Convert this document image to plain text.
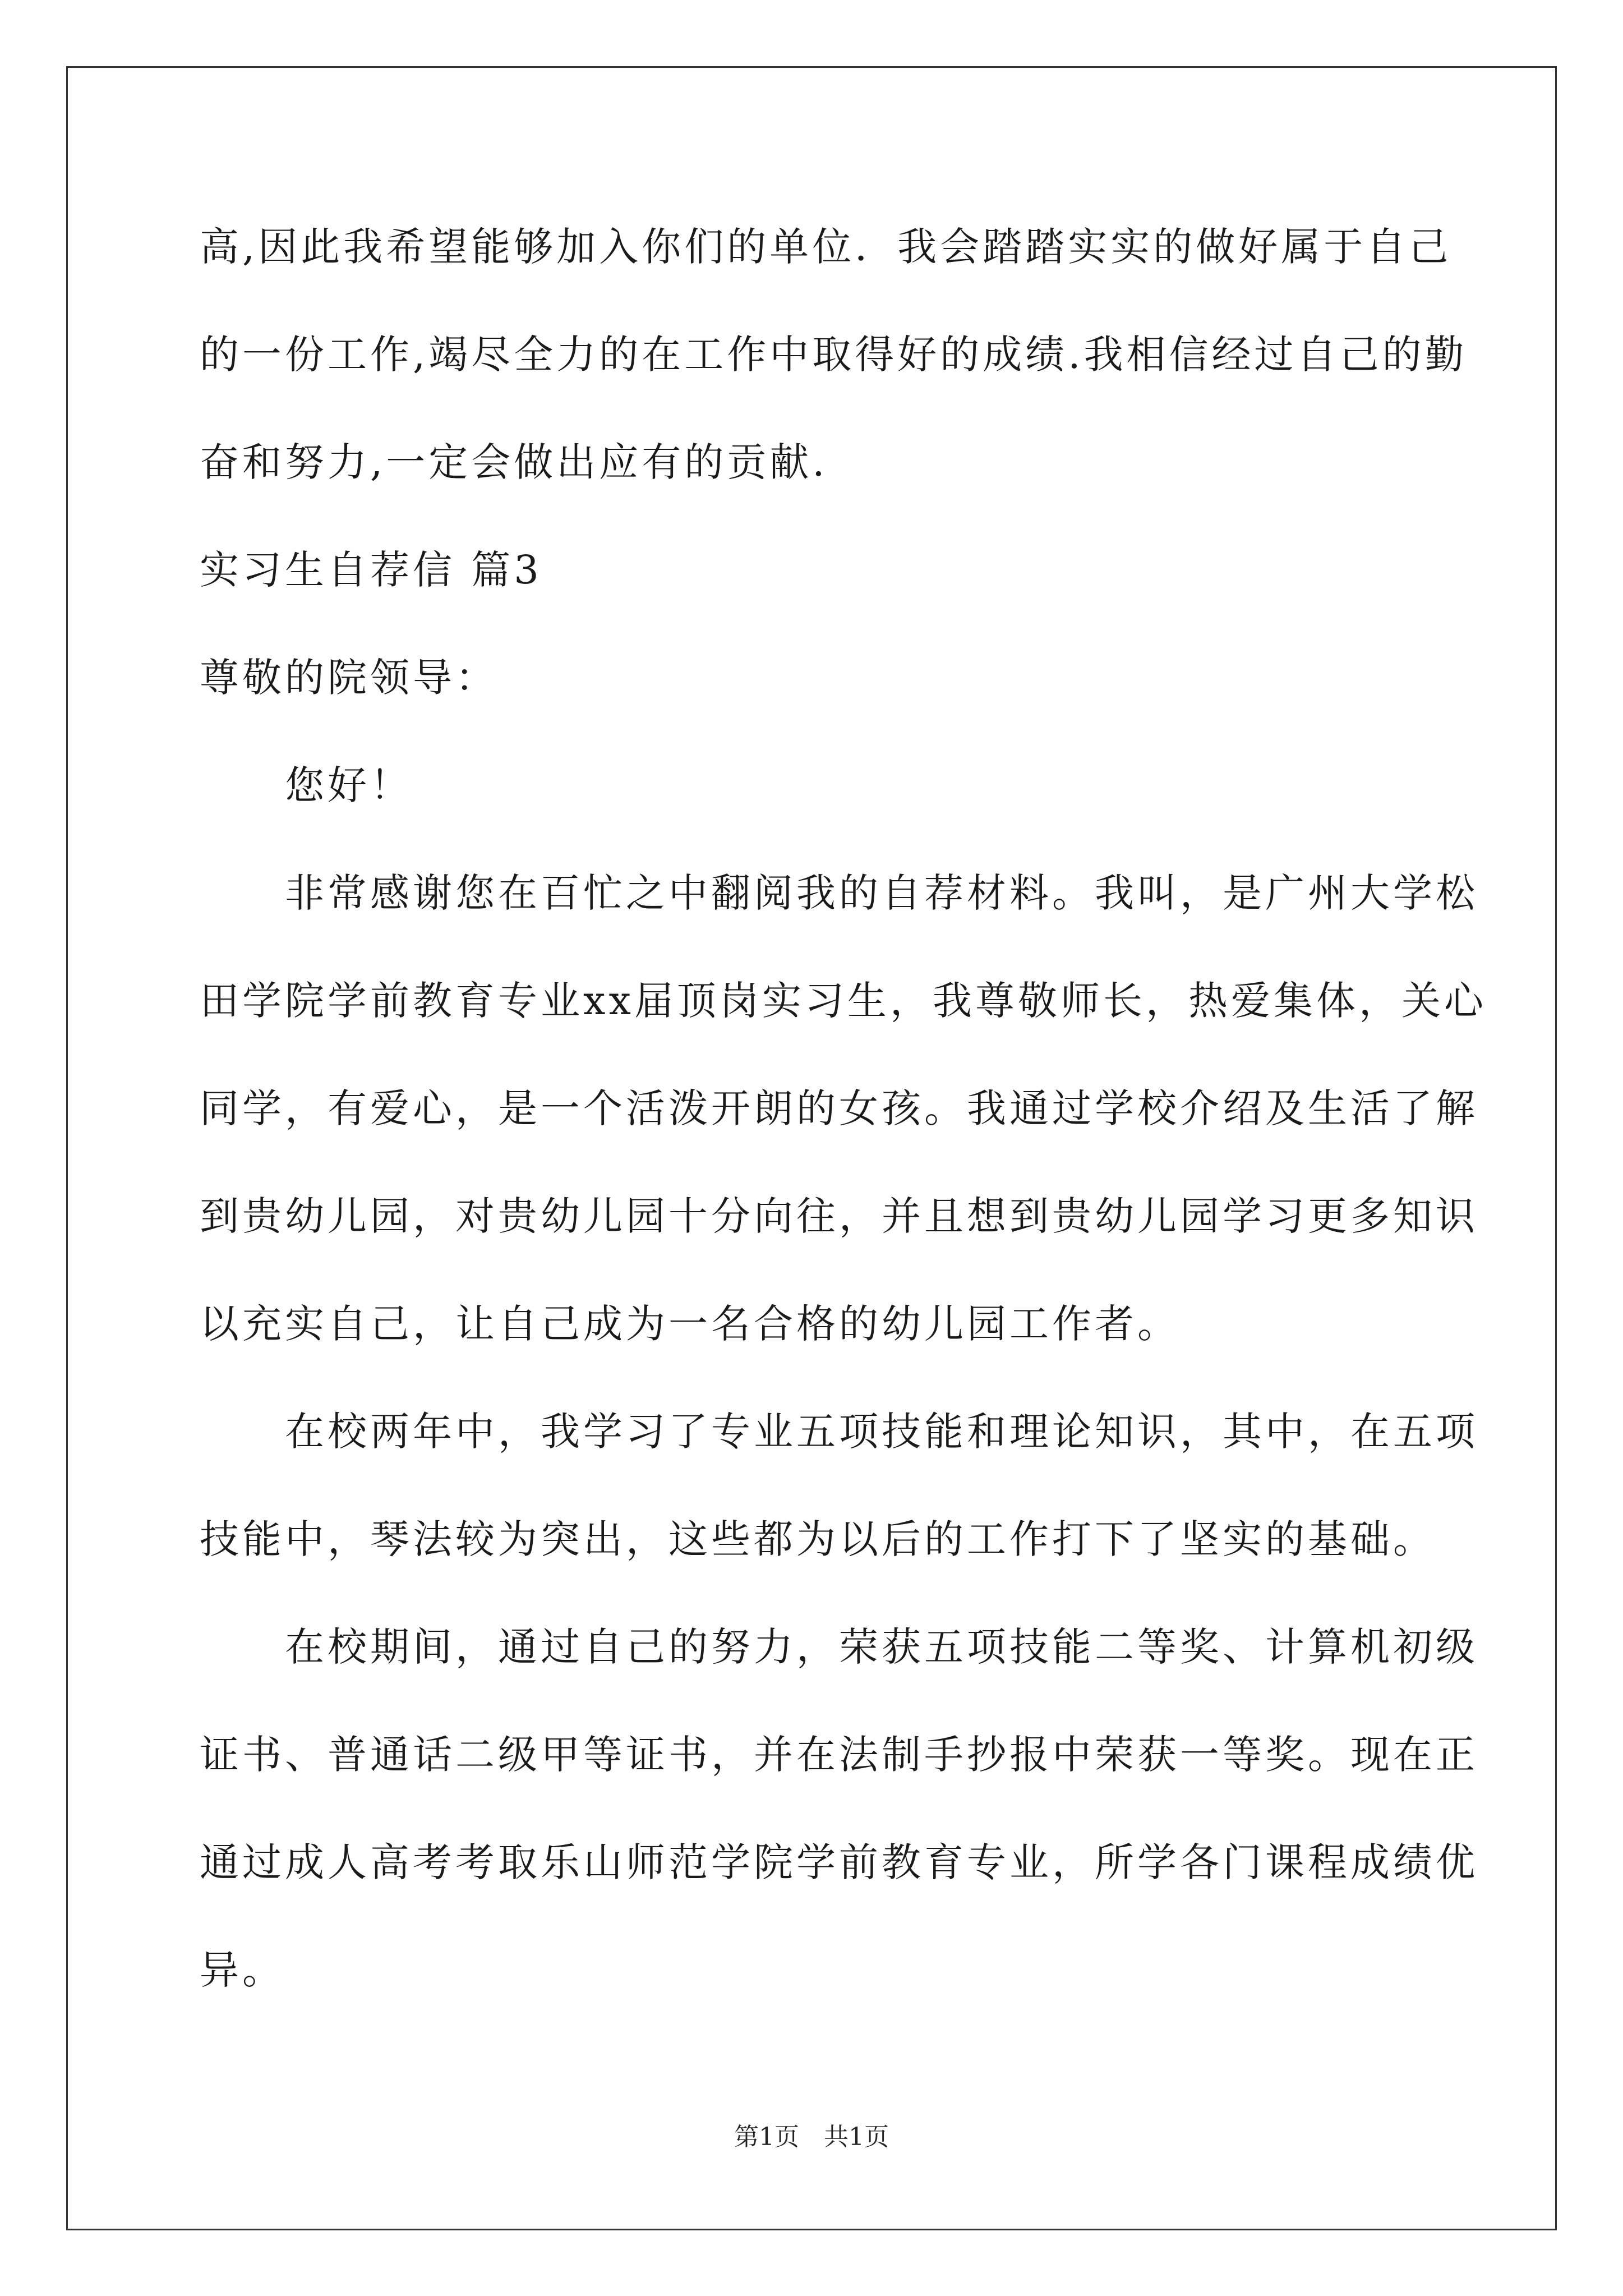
高,因此我希望能够加入你们的单位．我会踏踏实实的做好属于自己
的一份工作,竭尽全力的在工作中取得好的成绩.我相信经过自己的勤
奋和努力,一定会做出应有的贡献.
实习生自荐信 篇3
尊敬的院领导：
　　您好！
　　非常感谢您在百忙之中翻阅我的自荐材料。我叫，是广州大学松
田学院学前教育专业xx届顶岗实习生，我尊敬师长，热爱集体，关心
同学，有爱心，是一个活泼开朗的女孩。我通过学校介绍及生活了解
到贵幼儿园，对贵幼儿园十分向往，并且想到贵幼儿园学习更多知识
以充实自己，让自己成为一名合格的幼儿园工作者。
　　在校两年中，我学习了专业五项技能和理论知识，其中，在五项
技能中，琴法较为突出，这些都为以后的工作打下了坚实的基础。
　　在校期间，通过自己的努力，荣获五项技能二等奖、计算机初级
证书、普通话二级甲等证书，并在法制手抄报中荣获一等奖。现在正
通过成人高考考取乐山师范学院学前教育专业，所学各门课程成绩优
异。
第1页　共1页
